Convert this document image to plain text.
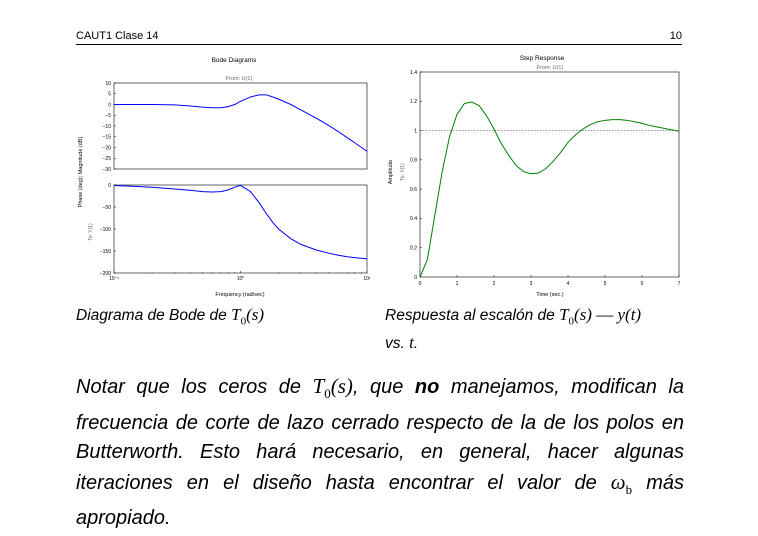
CAUT1 Clase 14	10
Bode Diagrams
From: U(1)
Phase (deg); Magnitude (dB)
To: Y(1)
10
5
0
−5
−10
−15
−20
−25
−30
0
−50
−100
−150
−200
10⁻¹	10⁰	10¹
Frequency (rad/sec)
Step Response
From: U(1)
Amplitude To: Y(1)
0
0.2
0.4
0.6
0.8
1
1.2
1.4
0	1	2	3	4	5	6	7
Time (sec.)
Diagrama de Bode de $T_0(s)$	Respuesta al escalón de $T_0(s)$ — y(t)
vs. t.
Notar que los ceros de $T_0(s)$, que no manejamos, modifican la frecuencia de corte de lazo cerrado respecto de la de los polos en Butterworth. Esto hará necesario, en general, hacer algunas iteraciones en el diseño hasta encontrar el valor de $\omega_b$ más apropiado.
